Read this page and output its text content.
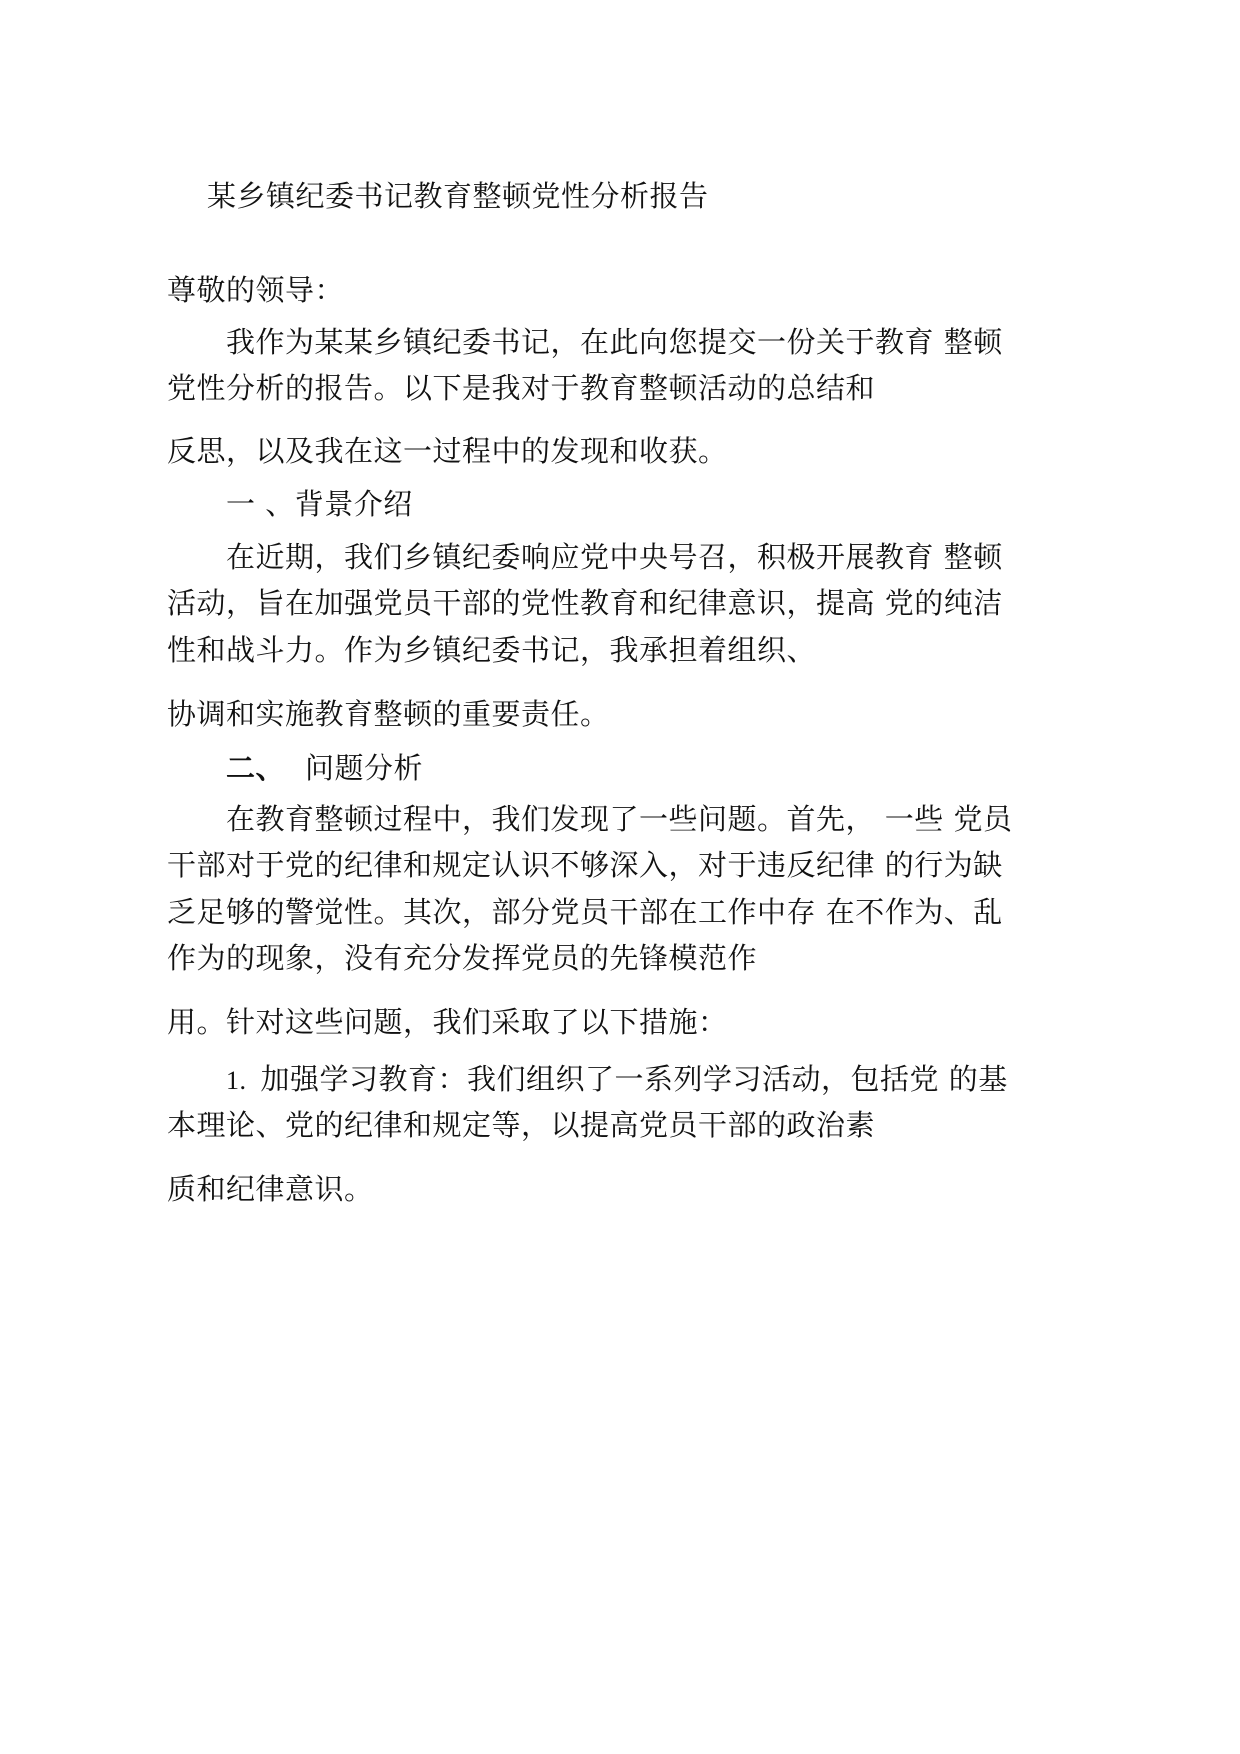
某乡镇纪委书记教育整顿党性分析报告
尊敬的领导：
我作为某某乡镇纪委书记，在此向您提交一份关于教育 整顿
党性分析的报告。以下是我对于教育整顿活动的总结和
反思，以及我在这一过程中的发现和收获。
一 、背景介绍
在近期，我们乡镇纪委响应党中央号召，积极开展教育 整顿
活动，旨在加强党员干部的党性教育和纪律意识，提高 党的纯洁
性和战斗力。作为乡镇纪委书记，我承担着组织、
协调和实施教育整顿的重要责任。
二、 问题分析
在教育整顿过程中，我们发现了一些问题。首先， 一些 党员
干部对于党的纪律和规定认识不够深入，对于违反纪律 的行为缺
乏足够的警觉性。其次，部分党员干部在工作中存 在不作为、乱
作为的现象，没有充分发挥党员的先锋模范作
用。针对这些问题，我们采取了以下措施：
1. 加强学习教育：我们组织了一系列学习活动，包括党 的基
本理论、党的纪律和规定等，以提高党员干部的政治素
质和纪律意识。
